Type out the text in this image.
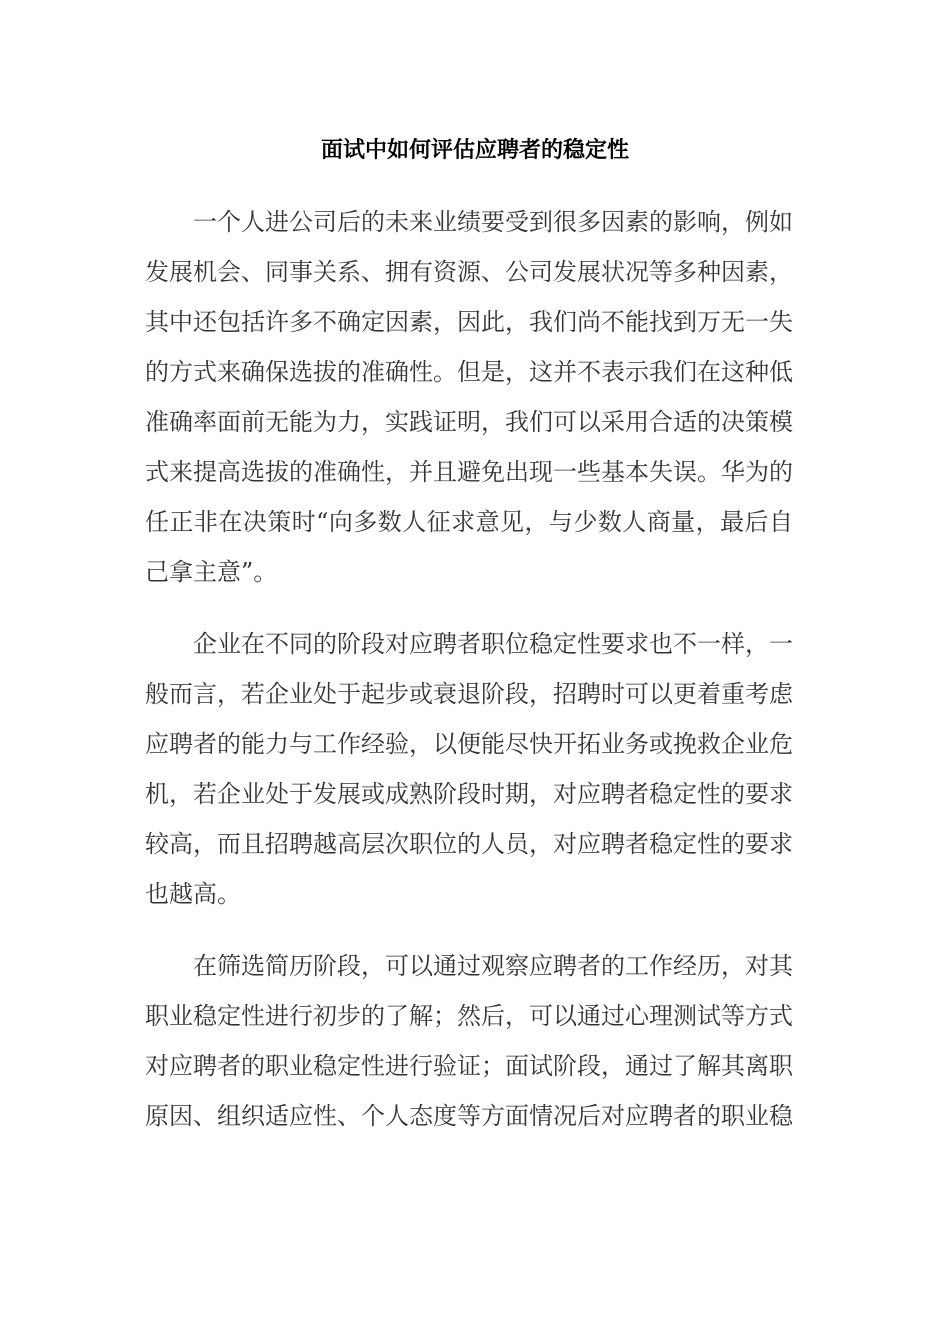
面试中如何评估应聘者的稳定性

一个人进公司后的未来业绩要受到很多因素的影响，例如发展机会、同事关系、拥有资源、公司发展状况等多种因素，其中还包括许多不确定因素，因此，我们尚不能找到万无一失的方式来确保选拔的准确性。但是，这并不表示我们在这种低准确率面前无能为力，实践证明，我们可以采用合适的决策模式来提高选拔的准确性，并且避免出现一些基本失误。华为的任正非在决策时“向多数人征求意见，与少数人商量，最后自己拿主意”。

企业在不同的阶段对应聘者职位稳定性要求也不一样，一般而言，若企业处于起步或衰退阶段，招聘时可以更着重考虑应聘者的能力与工作经验，以便能尽快开拓业务或挽救企业危机，若企业处于发展或成熟阶段时期，对应聘者稳定性的要求较高，而且招聘越高层次职位的人员，对应聘者稳定性的要求也越高。

在筛选简历阶段，可以通过观察应聘者的工作经历，对其职业稳定性进行初步的了解；然后，可以通过心理测试等方式对应聘者的职业稳定性进行验证；面试阶段，通过了解其离职原因、组织适应性、个人态度等方面情况后对应聘者的职业稳
